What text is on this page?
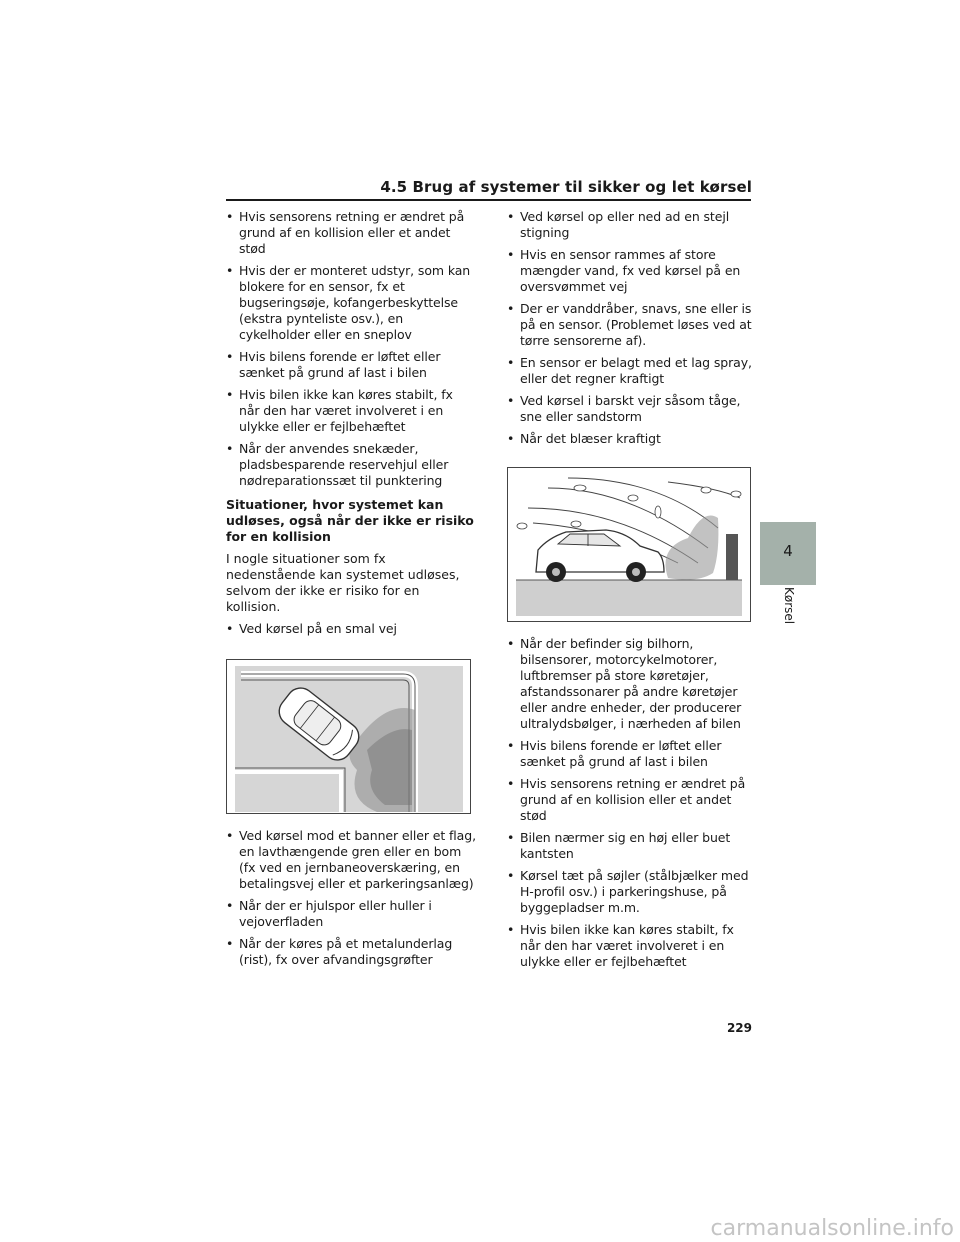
4.5 Brug af systemer til sikker og let kørsel
• Hvis sensorens retning er ændret på grund af en kollision eller et andet stød
• Hvis der er monteret udstyr, som kan blokere for en sensor, fx et bugseringsøje, kofangerbeskyttelse (ekstra pynteliste osv.), en cykelholder eller en sneplov
• Hvis bilens forende er løftet eller sænket på grund af last i bilen
• Hvis bilen ikke kan køres stabilt, fx når den har været involveret i en ulykke eller er fejlbehæftet
• Når der anvendes snekæder, pladsbesparende reservehjul eller nødreparationssæt til punktering
Situationer, hvor systemet kan udløses, også når der ikke er risiko for en kollision
I nogle situationer som fx nedenstående kan systemet udløses, selvom der ikke er risiko for en kollision.
• Ved kørsel på en smal vej
• Ved kørsel mod et banner eller et flag, en lavthængende gren eller en bom (fx ved en jernbaneoverskæring, en betalingsvej eller et parkeringsanlæg)
• Når der er hjulspor eller huller i vejoverfladen
• Når der køres på et metalunderlag (rist), fx over afvandingsgrøfter
• Ved kørsel op eller ned ad en stejl stigning
• Hvis en sensor rammes af store mængder vand, fx ved kørsel på en oversvømmet vej
• Der er vanddråber, snavs, sne eller is på en sensor. (Problemet løses ved at tørre sensorerne af).
• En sensor er belagt med et lag spray, eller det regner kraftigt
• Ved kørsel i barskt vejr såsom tåge, sne eller sandstorm
• Når det blæser kraftigt
• Når der befinder sig bilhorn, bilsensorer, motorcykelmotorer, luftbremser på store køretøjer, afstandssonarer på andre køretøjer eller andre enheder, der producerer ultralydsbølger, i nærheden af bilen
• Hvis bilens forende er løftet eller sænket på grund af last i bilen
• Hvis sensorens retning er ændret på grund af en kollision eller et andet stød
• Bilen nærmer sig en høj eller buet kantsten
• Kørsel tæt på søjler (stålbjælker med H-profil osv.) i parkeringshuse, på byggepladser m.m.
• Hvis bilen ikke kan køres stabilt, fx når den har været involveret i en ulykke eller er fejlbehæftet
4
Kørsel
229
carmanualsonline.info
